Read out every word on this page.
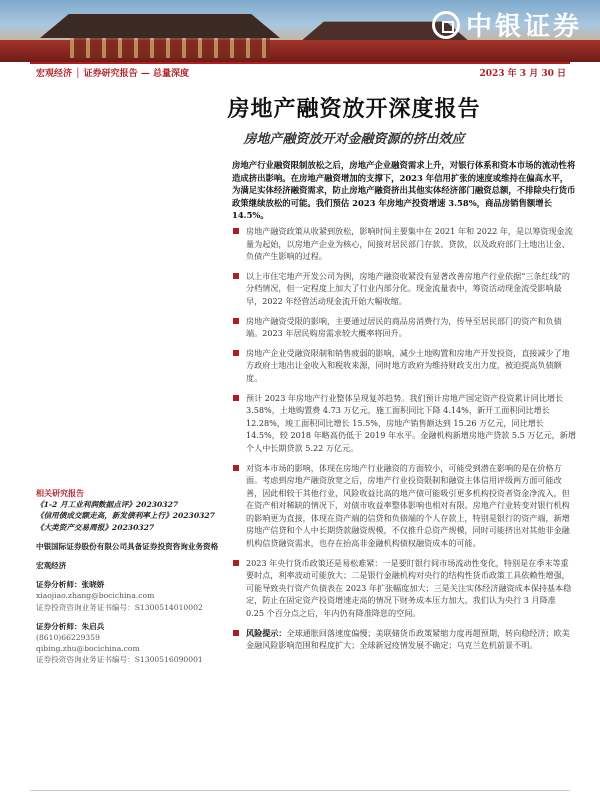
中银证券
宏观经济 │ 证券研究报告 — 总量深度	2023 年 3 月 30 日
房地产融资放开深度报告
房地产融资放开对金融资源的挤出效应

房地产行业融资限制放松之后，房地产企业融资需求上升，对银行体系和资本市场的流动性将造成挤出影响。在房地产融资增加的支撑下，2023 年信用扩张的速度或维持在偏高水平，为满足实体经济融资需求，防止房地产融资挤出其他实体经济部门融资总额，不排除央行货币政策继续放松的可能。我们预估 2023 年房地产投资增速 3.58%，商品房销售额增长 14.5%。

房地产融资政策从收紧到放松，影响时间主要集中在 2021 年和 2022 年，是以筹资现金流量为起始，以房地产企业为核心，间接对居民部门存款、贷款，以及政府部门土地出让金、负债产生影响的过程。
以上市住宅地产开发公司为例，房地产融资收紧没有显著改善房地产行业依据“三条红线”的分档情况，但一定程度上加大了行业内部分化。现金流量表中，筹资活动现金流受影响最早，2022 年经营活动现金流开始大幅收缩。
房地产融资受限的影响，主要通过居民的商品房消费行为，传导至居民部门的资产和负债端。2023 年居民购房需求较大概率将回升。
房地产企业受融资限制和销售疲弱的影响，减少土地购置和房地产开发投资，直接减少了地方政府土地出让金收入和税收来源，同时地方政府为维持财政支出力度，被迫提高负债额度。
预计 2023 年房地产行业整体呈现复苏趋势。我们预计房地产国定资产投资累计同比增长 3.58%，土地购置费 4.73 万亿元，施工面积同比下降 4.14%，新开工面积同比增长 12.28%，竣工面积同比增长 15.5%，房地产销售额达到 15.26 万亿元，同比增长 14.5%，较 2018 年略高仍低于 2019 年水平。金融机构新增房地产贷款 5.5 万亿元，新增个人中长期贷款 5.22 万亿元。
对资本市场的影响，体现在房地产行业融资的方面较小，可能受到潜在影响的是在价格方面。考虑到房地产融资放宽之后，房地产行业投资限制和融资主体信用评级两方面可能改善，因此相较于其他行业，风险收益比高的地产债可能吸引更多机构投资者资金净流入，但在资产相对稀缺的情况下，对债市收益率整体影响也相对有限。房地产行业转变对银行机构的影响更为直接，体现在资产端的信贷和负债端的个人存款上，特别是银行的资产端，新增房地产信贷和个人中长期贷款融资规模，不仅推升总资产规模，同时可能挤出对其他非金融机构信贷融资需求，也存在抬高非金融机构债权融资成本的可能。
2023 年央行货币政策还是易松难紧：一是要盯银行间市场流动性变化，特别是在季末等重要时点，利率波动可能放大；二是银行金融机构对央行的结构性货币政策工具依赖性增强，可能导致央行资产负债表在 2023 年扩张幅度加大；三是关注实体经济融资成本保持基本稳定，防止在固定资产投资增速走高的情况下财务成本压力加大。我们认为央行 3 月降准 0.25 个百分点之后，年内仍有降准降息的空间。
风险提示：全球通胀回落速度偏慢；美联储货币政策紧缩力度再超预期，转向稳经济；欧美金融风险影响范围和程度扩大；全球新冠疫情发展不确定；乌克兰危机前景不明。
相关研究报告
《1-2 月工业利润数据点评》20230327
《信用债成交额走高，新发债利率上行》20230327
《大类资产交易周报》20230327
中银国际证券股份有限公司具备证券投资咨询业务资格
宏观经济
证券分析师：张晓娇
xiaojiao.zhang@bocichina.com
证券投资咨询业务证书编号：S1300514010002
证券分析师：朱启兵
(8610)66229359
qibing.zhu@bocichina.com
证券投资咨询业务证书编号：S1300516090001
